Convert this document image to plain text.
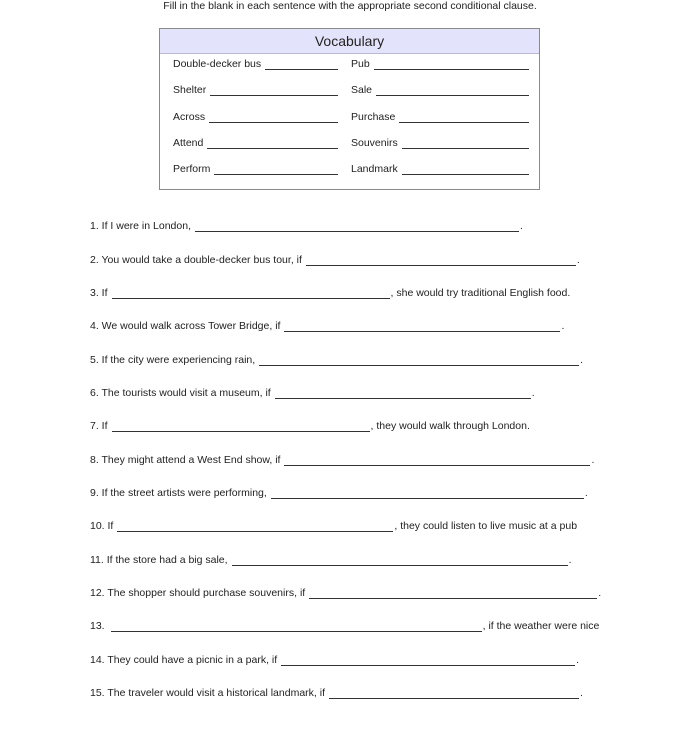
Fill in the blank in each sentence with the appropriate second conditional clause.
Vocabulary
Double-decker bus	Pub
Shelter	Sale
Across	Purchase
Attend	Souvenirs
Perform	Landmark
1. If I were in London,	.
2. You would take a double-decker bus tour, if	.
3. If	, she would try traditional English food.
4. We would walk across Tower Bridge, if	.
5. If the city were experiencing rain,	.
6. The tourists would visit a museum, if	.
7. If	, they would walk through London.
8. They might attend a West End show, if	.
9. If the street artists were performing,	.
10. If	, they could listen to live music at a pub
11. If the store had a big sale,	.
12. The shopper should purchase souvenirs, if	.
13.	, if the weather were nice
14. They could have a picnic in a park, if	.
15. The traveler would visit a historical landmark, if	.
